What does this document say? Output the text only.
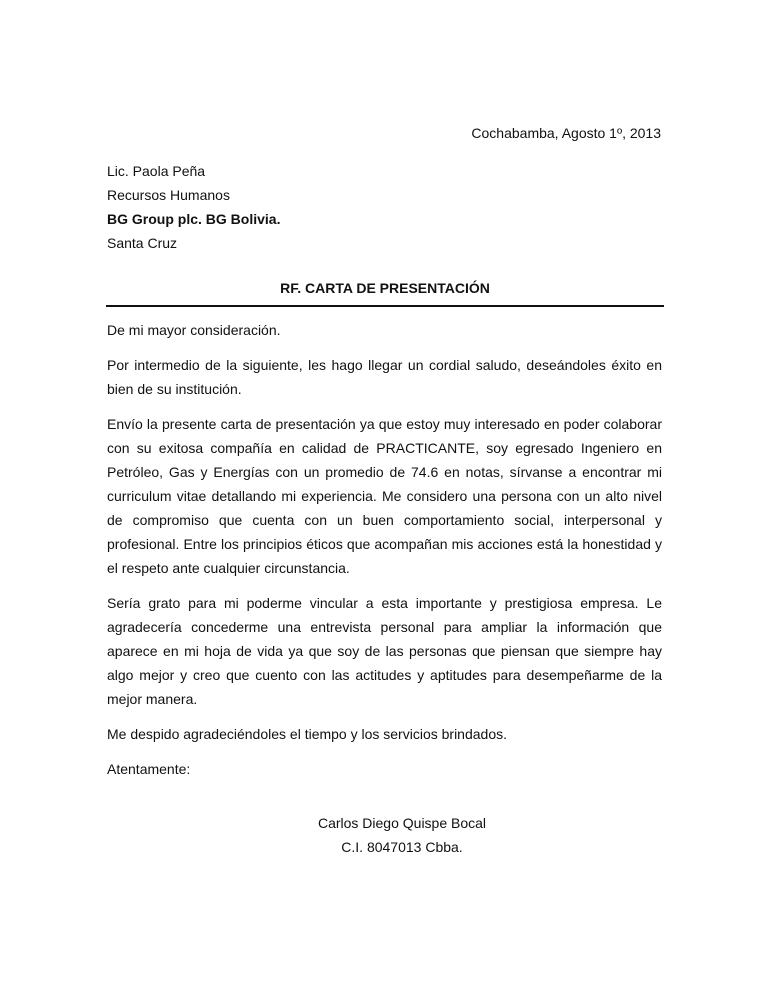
Cochabamba, Agosto 1º, 2013
Lic. Paola Peña
Recursos Humanos
BG Group plc. BG Bolivia.
Santa Cruz
RF. CARTA DE PRESENTACIÓN

De mi mayor consideración.

Por intermedio de la siguiente, les hago llegar un cordial saludo, deseándoles éxito en bien de su institución.

Envío la presente carta de presentación ya que estoy muy interesado en poder colaborar con su exitosa compañía en calidad de PRACTICANTE, soy egresado Ingeniero en Petróleo, Gas y Energías con un promedio de 74.6 en notas, sírvanse a encontrar mi curriculum vitae detallando mi experiencia. Me considero una persona con un alto nivel de compromiso que cuenta con un buen comportamiento social, interpersonal y profesional. Entre los principios éticos que acompañan mis acciones está la honestidad y el respeto ante cualquier circunstancia.

Sería grato para mi poderme vincular a esta importante y prestigiosa empresa. Le agradecería concederme una entrevista personal para ampliar la información que aparece en mi hoja de vida ya que soy de las personas que piensan que siempre hay algo mejor y creo que cuento con las actitudes y aptitudes para desempeñarme de la mejor manera.

Me despido agradeciéndoles el tiempo y los servicios brindados.

Atentamente:

Carlos Diego Quispe Bocal
C.I. 8047013 Cbba.
